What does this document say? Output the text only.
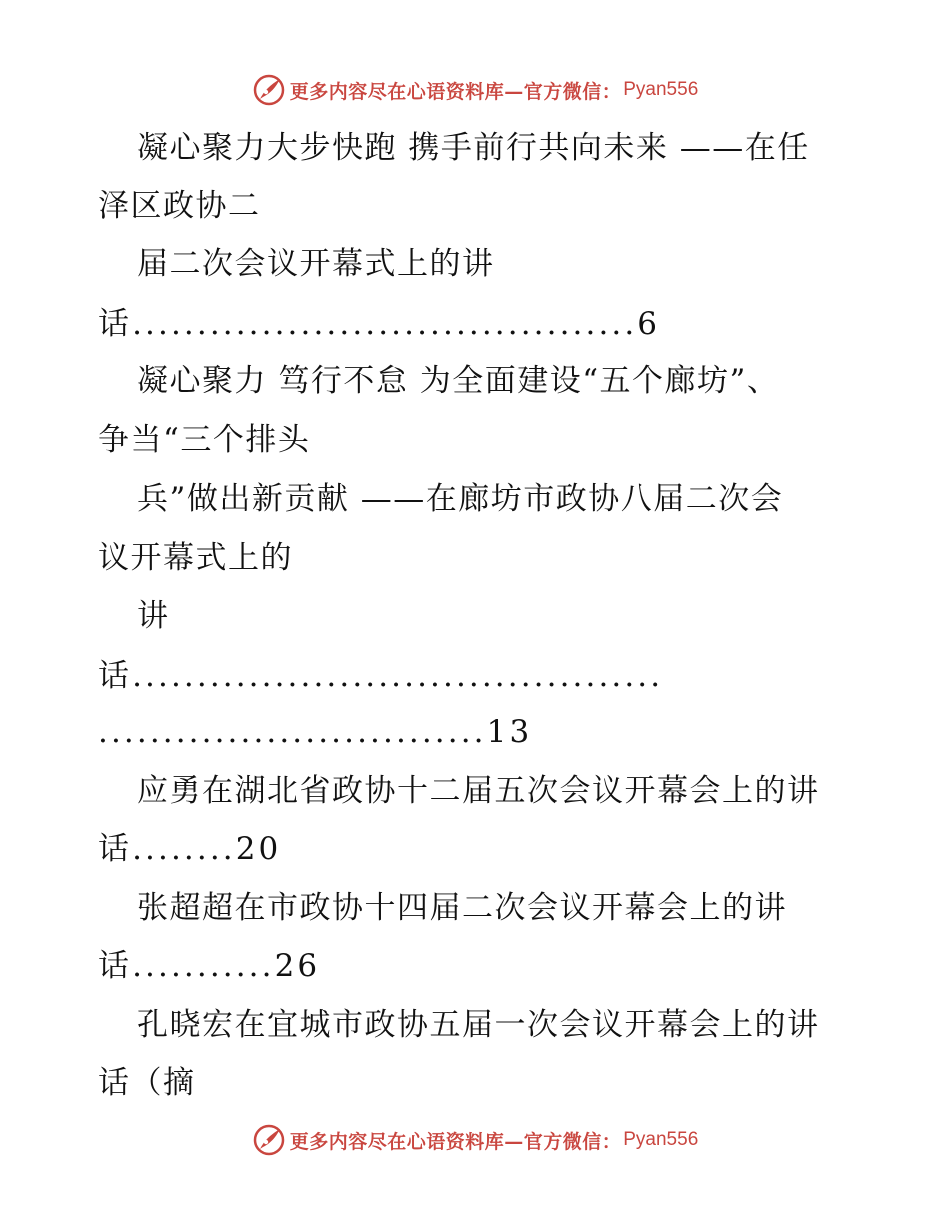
更多内容尽在心语资料库—官方微信： Pyan556
凝心聚力大步快跑 携手前行共向未来 ——在任
泽区政协二
届二次会议开幕式上的讲
话.......................................6
凝心聚力 笃行不怠 为全面建设“五个廊坊”、
争当“三个排头
兵”做出新贡献 ——在廊坊市政协八届二次会
议开幕式上的
讲
话.........................................
..............................13
应勇在湖北省政协十二届五次会议开幕会上的讲
话........20
张超超在市政协十四届二次会议开幕会上的讲
话...........26
孔晓宏在宜城市政协五届一次会议开幕会上的讲
话（摘
更多内容尽在心语资料库—官方微信： Pyan556
